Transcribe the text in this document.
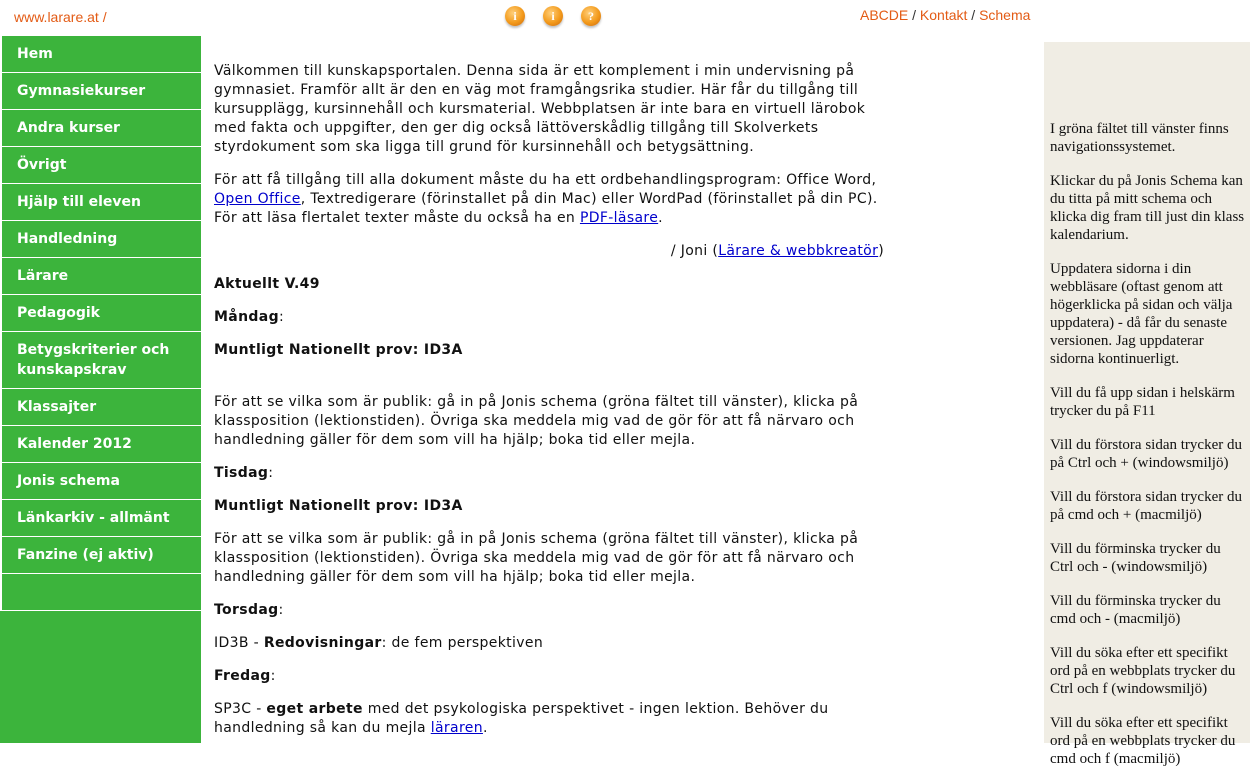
www.larare.at /	i	i	?	ABCDE / Kontakt / Schema
Hem
Gymnasiekurser
Andra kurser
Övrigt
Hjälp till eleven
Handledning
Lärare
Pedagogik
Betygskriterier och kunskapskrav
Klassajter
Kalender 2012
Jonis schema
Länkarkiv - allmänt
Fanzine (ej aktiv)

Välkommen till kunskapsportalen. Denna sida är ett komplement i min undervisning på gymnasiet. Framför allt är den en väg mot framgångsrika studier. Här får du tillgång till kursupplägg, kursinnehåll och kursmaterial. Webbplatsen är inte bara en virtuell lärobok med fakta och uppgifter, den ger dig också lättöverskådlig tillgång till Skolverkets styrdokument som ska ligga till grund för kursinnehåll och betygsättning.

För att få tillgång till alla dokument måste du ha ett ordbehandlingsprogram: Office Word, Open Office, Textredigerare (förinstallet på din Mac) eller WordPad (förinstallet på din PC). För att läsa flertalet texter måste du också ha en PDF-läsare.

/ Joni (Lärare & webbkreatör)

Aktuellt V.49

Måndag:

Muntligt Nationellt prov: ID3A

För att se vilka som är publik: gå in på Jonis schema (gröna fältet till vänster), klicka på klassposition (lektionstiden). Övriga ska meddela mig vad de gör för att få närvaro och handledning gäller för dem som vill ha hjälp; boka tid eller mejla.

Tisdag:

Muntligt Nationellt prov: ID3A

För att se vilka som är publik: gå in på Jonis schema (gröna fältet till vänster), klicka på klassposition (lektionstiden). Övriga ska meddela mig vad de gör för att få närvaro och handledning gäller för dem som vill ha hjälp; boka tid eller mejla.

Torsdag:

ID3B - Redovisningar: de fem perspektiven

Fredag:

SP3C - eget arbete med det psykologiska perspektivet - ingen lektion. Behöver du handledning så kan du mejla läraren.

I gröna fältet till vänster finns navigationssystemet.

Klickar du på Jonis Schema kan du titta på mitt schema och klicka dig fram till just din klass kalendarium.

Uppdatera sidorna i din webbläsare (oftast genom att högerklicka på sidan och välja uppdatera) - då får du senaste versionen. Jag uppdaterar sidorna kontinuerligt.

Vill du få upp sidan i helskärm trycker du på F11

Vill du förstora sidan trycker du på Ctrl och + (windowsmiljö)

Vill du förstora sidan trycker du på cmd och + (macmiljö)

Vill du förminska trycker du Ctrl och - (windowsmiljö)

Vill du förminska trycker du cmd och - (macmiljö)

Vill du söka efter ett specifikt ord på en webbplats trycker du Ctrl och f (windowsmiljö)

Vill du söka efter ett specifikt ord på en webbplats trycker du cmd och f (macmiljö)
